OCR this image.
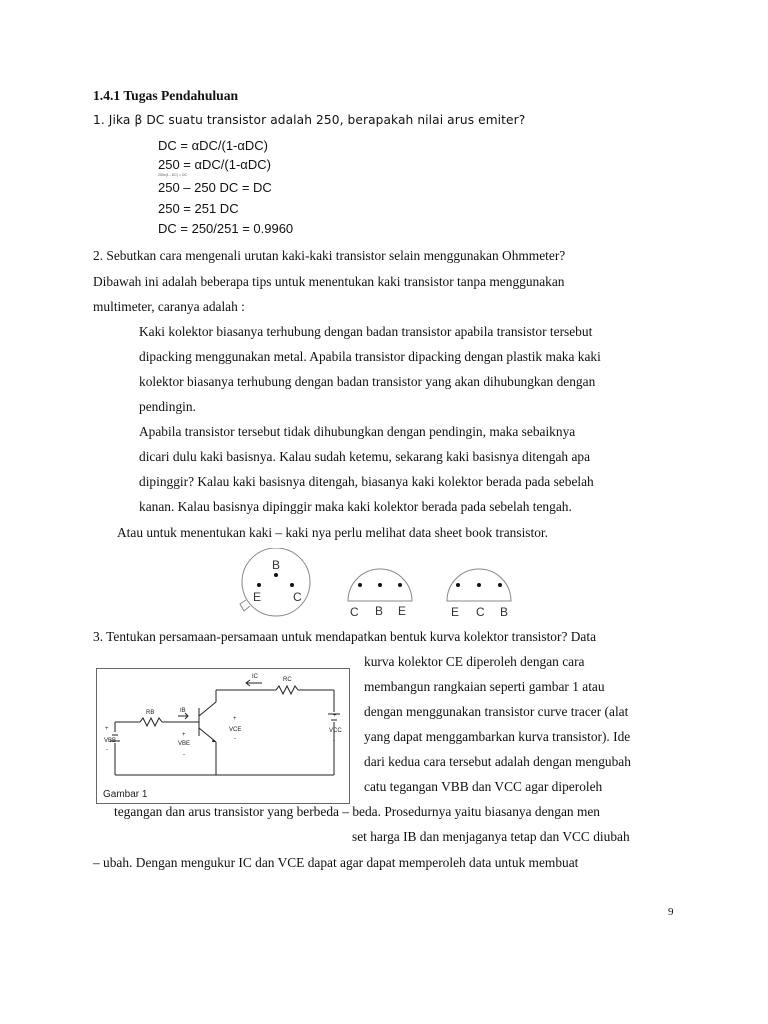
1.4.1 Tugas Pendahuluan
1. Jika β DC suatu transistor adalah 250, berapakah nilai arus emiter?
DC = αDC/(1-αDC)
250 = αDC/(1-αDC)
250x(1 - DC) = DC
250 – 250 DC = DC
250 = 251 DC
DC = 250/251 = 0.9960
2. Sebutkan cara mengenali urutan kaki-kaki transistor selain menggunakan Ohmmeter?
Dibawah ini adalah beberapa tips untuk menentukan kaki transistor tanpa menggunakan
multimeter, caranya adalah :
Kaki kolektor biasanya terhubung dengan badan transistor apabila transistor tersebut
dipacking menggunakan metal. Apabila transistor dipacking dengan plastik maka kaki
kolektor biasanya terhubung dengan badan transistor yang akan dihubungkan dengan
pendingin.
Apabila transistor tersebut tidak dihubungkan dengan pendingin, maka sebaiknya
dicari dulu kaki basisnya. Kalau sudah ketemu, sekarang kaki basisnya ditengah apa
dipinggir? Kalau kaki basisnya ditengah, biasanya kaki kolektor berada pada sebelah
kanan. Kalau basisnya dipinggir maka kaki kolektor berada pada sebelah tengah.
Atau untuk menentukan kaki – kaki nya perlu melihat data sheet book transistor.
B
E	C
C B E	E C B
3. Tentukan persamaan-persamaan untuk mendapatkan bentuk kurva kolektor transistor? Data
IC	RC
RB	IB
VBB	VBE
VCE	VCC
+
-
+
-
+
-
+
-
Gambar 1
kurva kolektor CE diperoleh dengan cara
membangun rangkaian seperti gambar 1 atau
dengan menggunakan transistor curve tracer (alat
yang dapat menggambarkan kurva transistor). Ide
dari kedua cara tersebut adalah dengan mengubah
catu tegangan VBB dan VCC agar diperoleh
tegangan dan arus transistor yang berbeda – beda. Prosedurnya yaitu biasanya dengan men
set harga IB dan menjaganya tetap dan VCC diubah
– ubah. Dengan mengukur IC dan VCE dapat agar dapat memperoleh data untuk membuat
9
